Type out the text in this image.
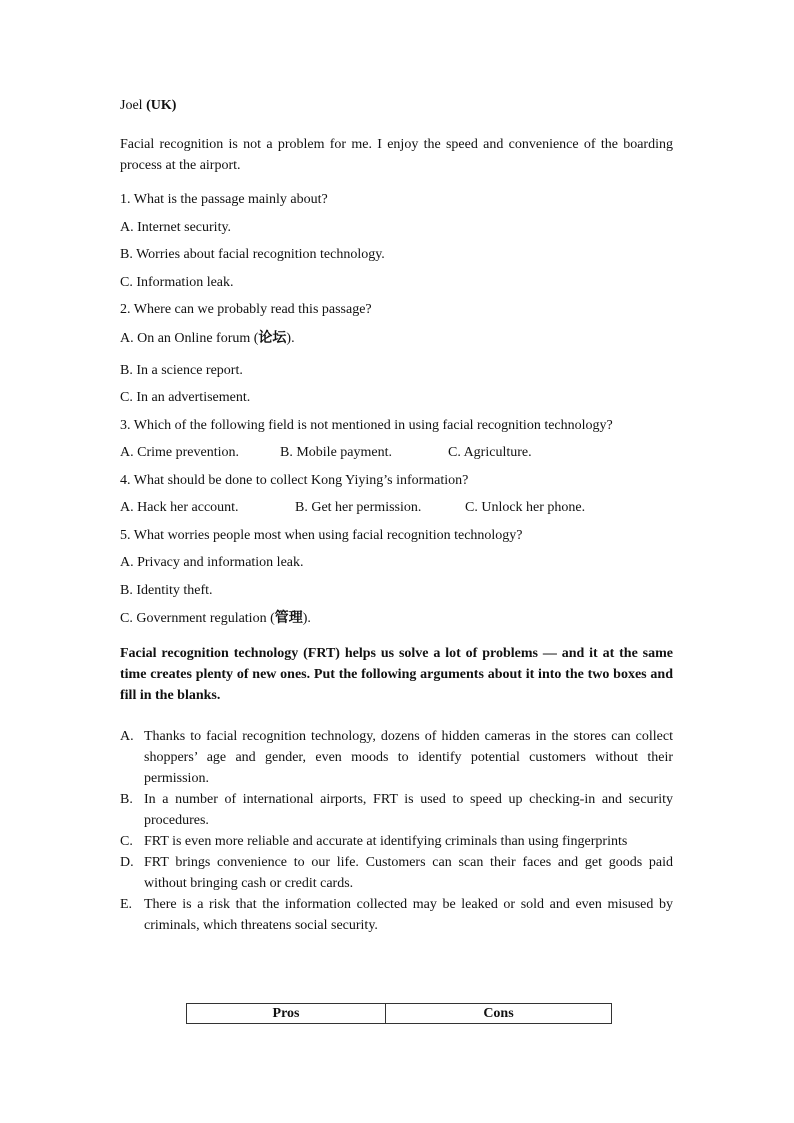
Joel (UK)

Facial recognition is not a problem for me. I enjoy the speed and convenience of the boarding process at the airport.

1. What is the passage mainly about?
A. Internet security.
B. Worries about facial recognition technology.
C. Information leak.
2. Where can we probably read this passage?
A. On an Online forum (论坛).
B. In a science report.
C. In an advertisement.
3. Which of the following field is not mentioned in using facial recognition technology?
A. Crime prevention.	B. Mobile payment.	C. Agriculture.
4. What should be done to collect Kong Yiying’s information?
A. Hack her account.	B. Get her permission.	C. Unlock her phone.
5. What worries people most when using facial recognition technology?
A. Privacy and information leak.
B. Identity theft.
C. Government regulation (管理).

Facial recognition technology (FRT) helps us solve a lot of problems — and it at the same time creates plenty of new ones. Put the following arguments about it into the two boxes and fill in the blanks.

A. Thanks to facial recognition technology, dozens of hidden cameras in the stores can collect shoppers’ age and gender, even moods to identify potential customers without their permission.
B. In a number of international airports, FRT is used to speed up checking-in and security procedures.
C. FRT is even more reliable and accurate at identifying criminals than using fingerprints
D. FRT brings convenience to our life. Customers can scan their faces and get goods paid without bringing cash or credit cards.
E. There is a risk that the information collected may be leaked or sold and even misused by criminals, which threatens social security.
Pros	Cons
